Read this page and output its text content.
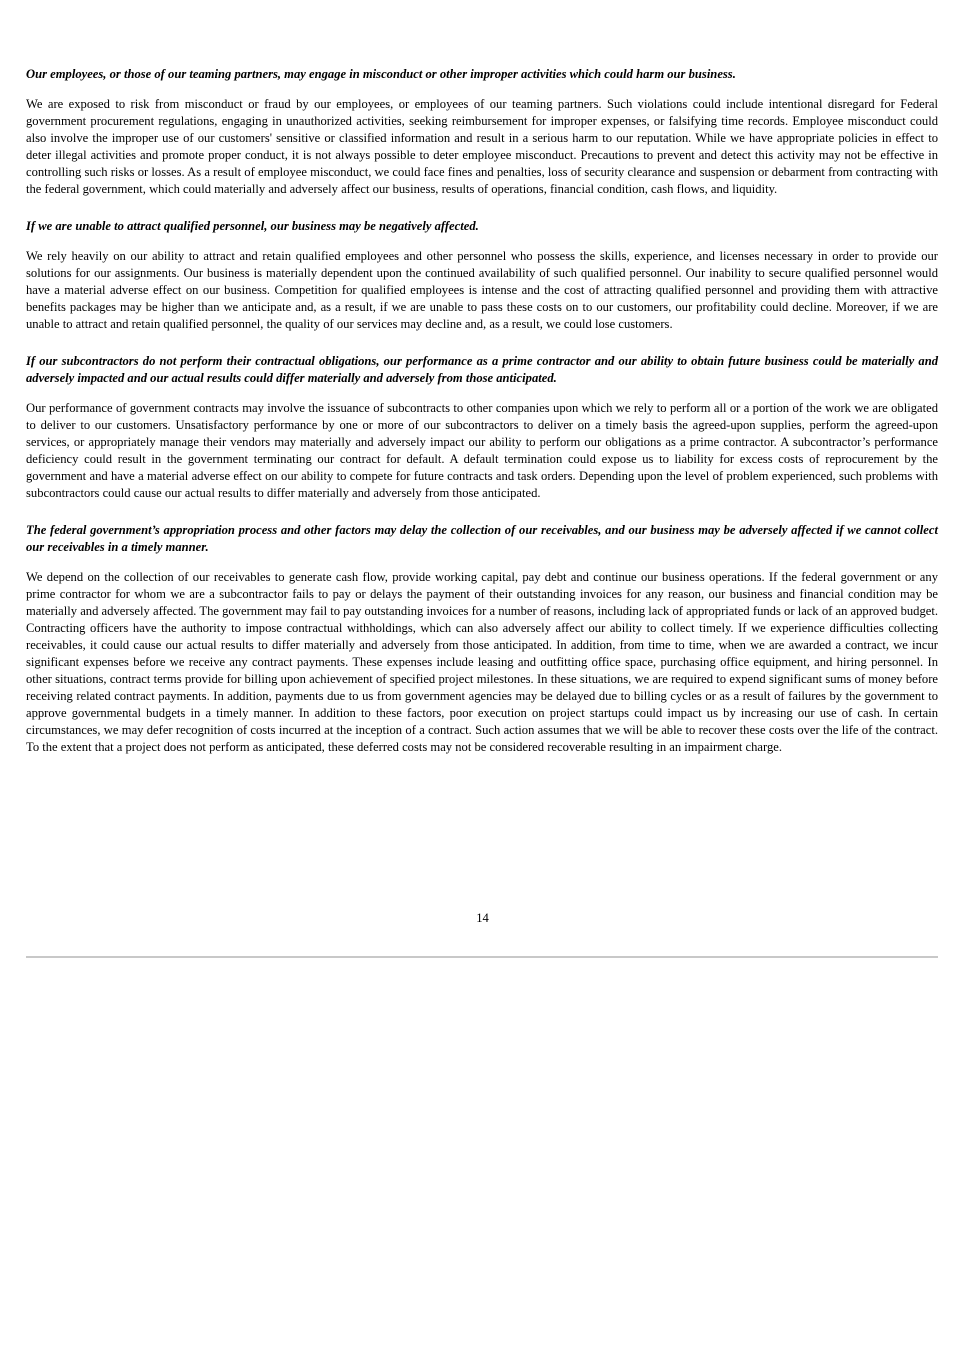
Our employees, or those of our teaming partners, may engage in misconduct or other improper activities which could harm our business.

We are exposed to risk from misconduct or fraud by our employees, or employees of our teaming partners. Such violations could include intentional disregard for Federal government procurement regulations, engaging in unauthorized activities, seeking reimbursement for improper expenses, or falsifying time records. Employee misconduct could also involve the improper use of our customers' sensitive or classified information and result in a serious harm to our reputation. While we have appropriate policies in effect to deter illegal activities and promote proper conduct, it is not always possible to deter employee misconduct. Precautions to prevent and detect this activity may not be effective in controlling such risks or losses. As a result of employee misconduct, we could face fines and penalties, loss of security clearance and suspension or debarment from contracting with the federal government, which could materially and adversely affect our business, results of operations, financial condition, cash flows, and liquidity.

If we are unable to attract qualified personnel, our business may be negatively affected.

We rely heavily on our ability to attract and retain qualified employees and other personnel who possess the skills, experience, and licenses necessary in order to provide our solutions for our assignments. Our business is materially dependent upon the continued availability of such qualified personnel. Our inability to secure qualified personnel would have a material adverse effect on our business. Competition for qualified employees is intense and the cost of attracting qualified personnel and providing them with attractive benefits packages may be higher than we anticipate and, as a result, if we are unable to pass these costs on to our customers, our profitability could decline. Moreover, if we are unable to attract and retain qualified personnel, the quality of our services may decline and, as a result, we could lose customers.

If our subcontractors do not perform their contractual obligations, our performance as a prime contractor and our ability to obtain future business could be materially and adversely impacted and our actual results could differ materially and adversely from those anticipated.

Our performance of government contracts may involve the issuance of subcontracts to other companies upon which we rely to perform all or a portion of the work we are obligated to deliver to our customers. Unsatisfactory performance by one or more of our subcontractors to deliver on a timely basis the agreed-upon supplies, perform the agreed-upon services, or appropriately manage their vendors may materially and adversely impact our ability to perform our obligations as a prime contractor. A subcontractor’s performance deficiency could result in the government terminating our contract for default. A default termination could expose us to liability for excess costs of reprocurement by the government and have a material adverse effect on our ability to compete for future contracts and task orders. Depending upon the level of problem experienced, such problems with subcontractors could cause our actual results to differ materially and adversely from those anticipated.

The federal government’s appropriation process and other factors may delay the collection of our receivables, and our business may be adversely affected if we cannot collect our receivables in a timely manner.

We depend on the collection of our receivables to generate cash flow, provide working capital, pay debt and continue our business operations. If the federal government or any prime contractor for whom we are a subcontractor fails to pay or delays the payment of their outstanding invoices for any reason, our business and financial condition may be materially and adversely affected. The government may fail to pay outstanding invoices for a number of reasons, including lack of appropriated funds or lack of an approved budget. Contracting officers have the authority to impose contractual withholdings, which can also adversely affect our ability to collect timely. If we experience difficulties collecting receivables, it could cause our actual results to differ materially and adversely from those anticipated. In addition, from time to time, when we are awarded a contract, we incur significant expenses before we receive any contract payments. These expenses include leasing and outfitting office space, purchasing office equipment, and hiring personnel. In other situations, contract terms provide for billing upon achievement of specified project milestones. In these situations, we are required to expend significant sums of money before receiving related contract payments. In addition, payments due to us from government agencies may be delayed due to billing cycles or as a result of failures by the government to approve governmental budgets in a timely manner. In addition to these factors, poor execution on project startups could impact us by increasing our use of cash. In certain circumstances, we may defer recognition of costs incurred at the inception of a contract. Such action assumes that we will be able to recover these costs over the life of the contract. To the extent that a project does not perform as anticipated, these deferred costs may not be considered recoverable resulting in an impairment charge.

14
